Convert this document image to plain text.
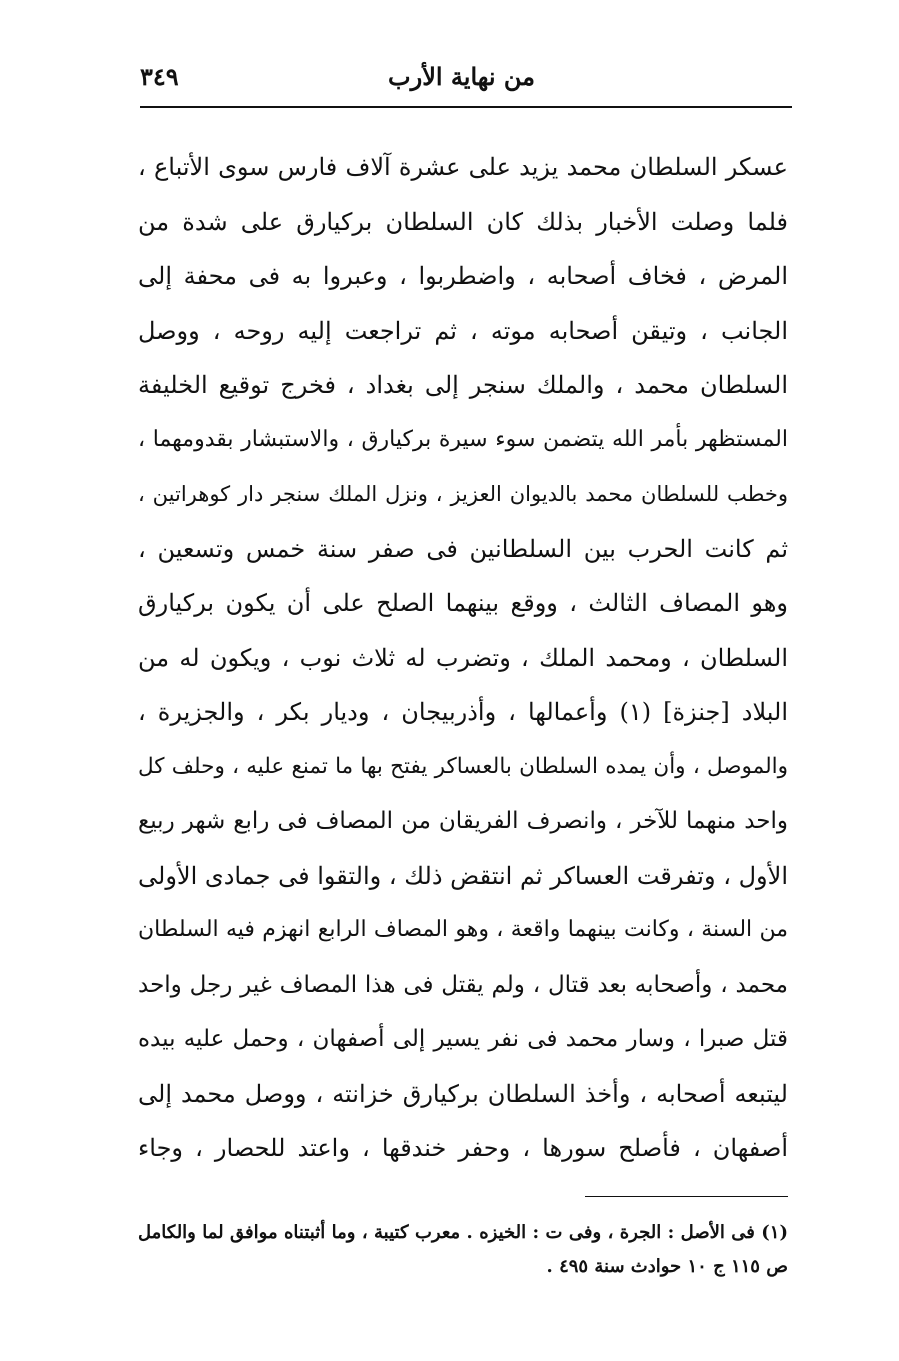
من نهاية الأرب
٣٤٩
عسكر السلطان محمد يزيد على عشرة آلاف فارس سوى الأتباع ،
فلما وصلت الأخبار بذلك كان السلطان بركيارق على شدة من
المرض ، فخاف أصحابه ، واضطربوا ، وعبروا به فى محفة إلى
الجانب ، وتيقن أصحابه موته ، ثم تراجعت إليه روحه ، ووصل
السلطان محمد ، والملك سنجر إلى بغداد ، فخرج توقيع الخليفة
المستظهر بأمر الله يتضمن سوء سيرة بركيارق ، والاستبشار بقدومهما ،
وخطب للسلطان محمد بالديوان العزيز ، ونزل الملك سنجر دار كوهراتين ،
ثم كانت الحرب بين السلطانين فى صفر سنة خمس وتسعين ،
وهو المصاف الثالث ، ووقع بينهما الصلح على أن يكون بركيارق
السلطان ، ومحمد الملك ، وتضرب له ثلاث نوب ، ويكون له من
البلاد [جنزة] (١) وأعمالها ، وأذربيجان ، وديار بكر ، والجزيرة ،
والموصل ، وأن يمده السلطان بالعساكر يفتح بها ما تمنع عليه ، وحلف كل
واحد منهما للآخر ، وانصرف الفريقان من المصاف فى رابع شهر ربيع
الأول ، وتفرقت العساكر ثم انتقض ذلك ، والتقوا فى جمادى الأولى
من السنة ، وكانت بينهما واقعة ، وهو المصاف الرابع انهزم فيه السلطان
محمد ، وأصحابه بعد قتال ، ولم يقتل فى هذا المصاف غير رجل واحد
قتل صبرا ، وسار محمد فى نفر يسير إلى أصفهان ، وحمل عليه بيده
ليتبعه أصحابه ، وأخذ السلطان بركيارق خزانته ، ووصل محمد إلى
أصفهان ، فأصلح سورها ، وحفر خندقها ، واعتد للحصار ، وجاء
(١) فى الأصل : الجرة ، وفى ت : الخيزه . معرب كتيبة ، وما أثبتناه موافق لما والكامل
ص ١١٥ ج ١٠ حوادث سنة ٤٩٥ .
